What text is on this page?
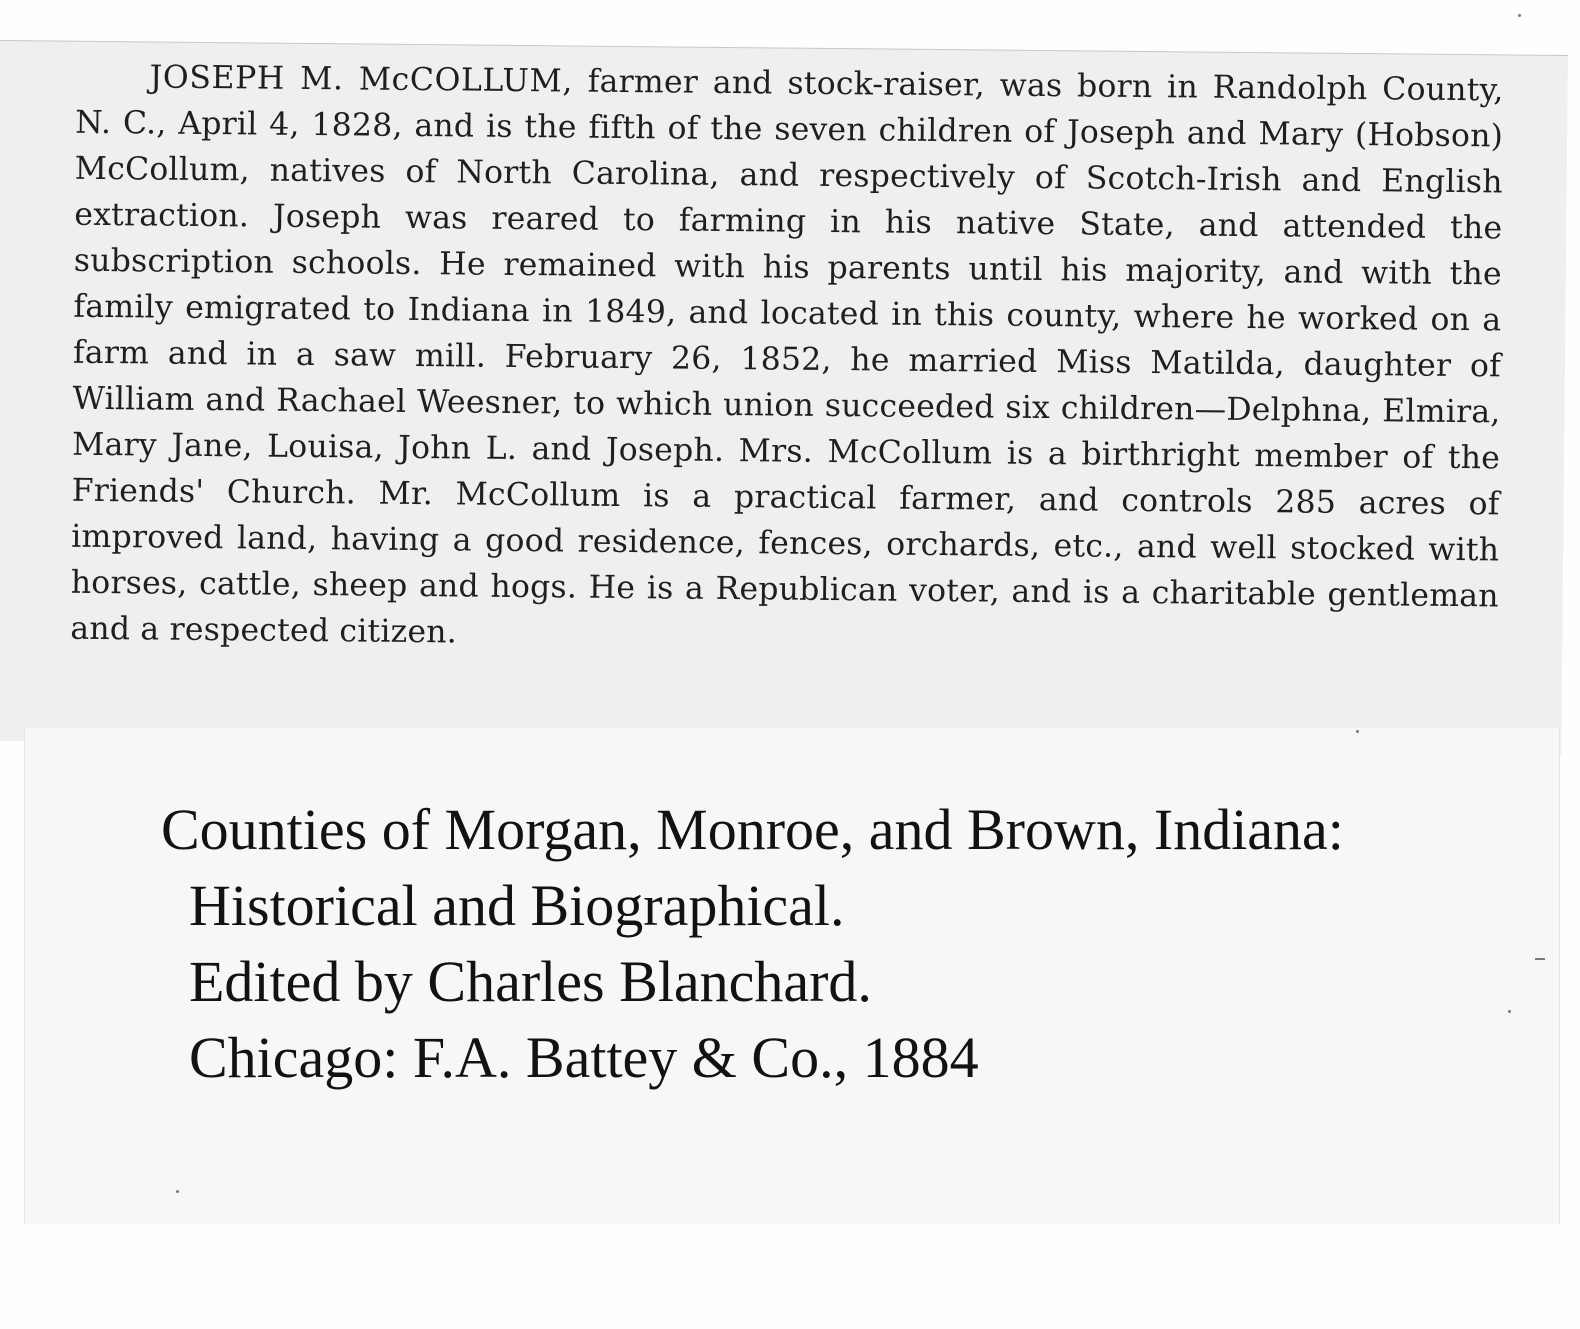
JOSEPH M. McCOLLUM, farmer and stock-raiser, was born in Randolph County, N. C., April 4, 1828, and is the fifth of the seven children of Joseph and Mary (Hobson) McCollum, natives of North Carolina, and respectively of Scotch-Irish and English extraction. Joseph was reared to farming in his native State, and attended the subscription schools. He remained with his parents until his majority, and with the family emigrated to Indiana in 1849, and located in this county, where he worked on a farm and in a saw mill. February 26, 1852, he married Miss Matilda, daughter of William and Rachael Weesner, to which union succeeded six children—Delphna, Elmira, Mary Jane, Louisa, John L. and Joseph. Mrs. McCollum is a birthright member of the Friends' Church. Mr. McCollum is a practical farmer, and controls 285 acres of improved land, having a good residence, fences, orchards, etc., and well stocked with horses, cattle, sheep and hogs. He is a Republican voter, and is a charitable gentleman and a respected citizen.

Counties of Morgan, Monroe, and Brown, Indiana:
Historical and Biographical.
Edited by Charles Blanchard.
Chicago: F.A. Battey & Co., 1884
